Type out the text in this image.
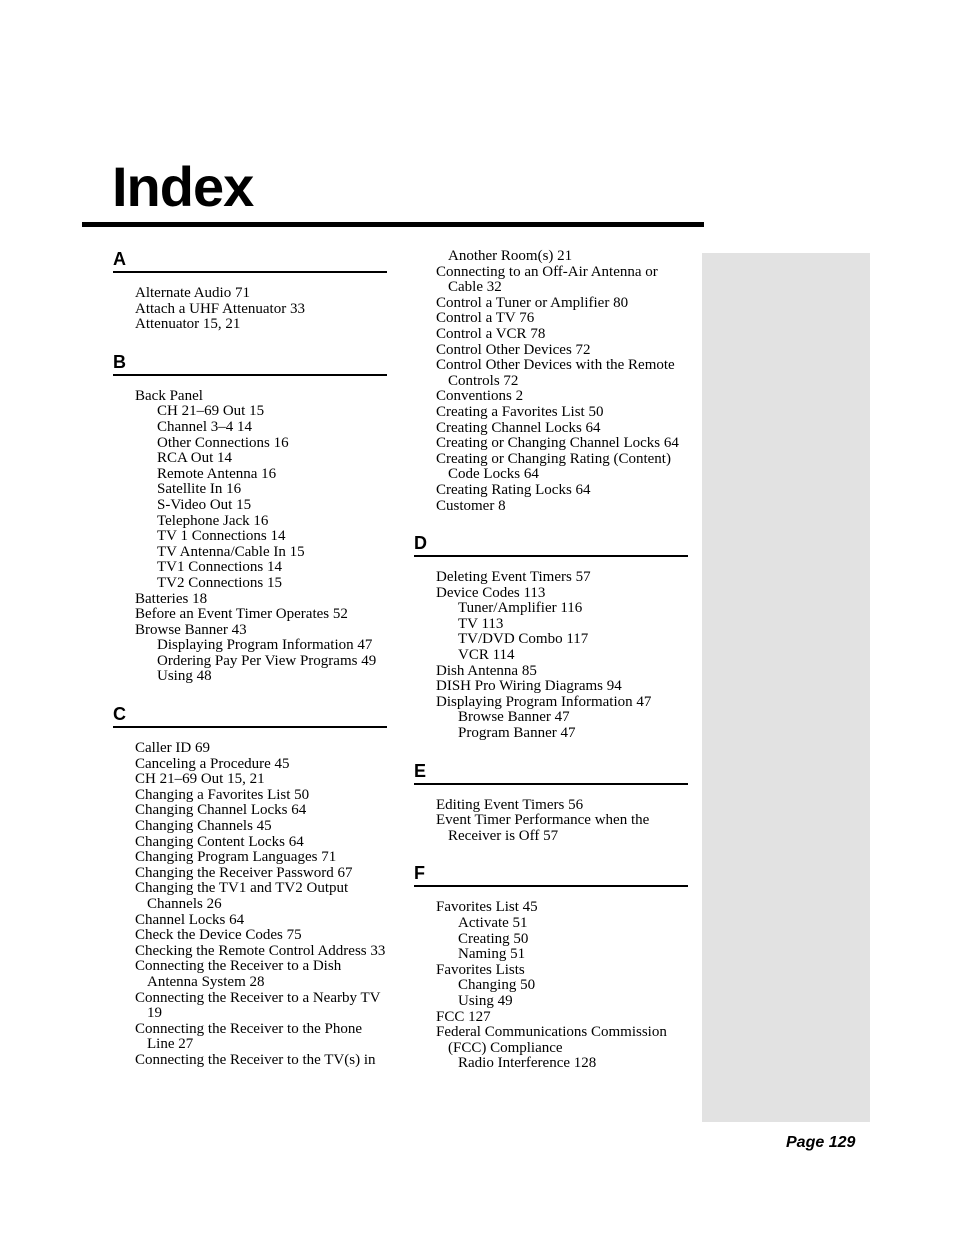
Index
A
Alternate Audio 71
Attach a UHF Attenuator 33
Attenuator 15, 21
B
Back Panel
CH 21–69 Out 15
Channel 3–4 14
Other Connections 16
RCA Out 14
Remote Antenna 16
Satellite In 16
S-Video Out 15
Telephone Jack 16
TV 1 Connections 14
TV Antenna/Cable In 15
TV1 Connections 14
TV2 Connections 15
Batteries 18
Before an Event Timer Operates 52
Browse Banner 43
Displaying Program Information 47
Ordering Pay Per View Programs 49
Using 48
C
Caller ID 69
Canceling a Procedure 45
CH 21–69 Out 15, 21
Changing a Favorites List 50
Changing Channel Locks 64
Changing Channels 45
Changing Content Locks 64
Changing Program Languages 71
Changing the Receiver Password 67
Changing the TV1 and TV2 Output Channels 26
Channel Locks 64
Check the Device Codes 75
Checking the Remote Control Address 33
Connecting the Receiver to a Dish Antenna System 28
Connecting the Receiver to a Nearby TV 19
Connecting the Receiver to the Phone Line 27
Connecting the Receiver to the TV(s) in
Another Room(s) 21
Connecting to an Off-Air Antenna or Cable 32
Control a Tuner or Amplifier 80
Control a TV 76
Control a VCR 78
Control Other Devices 72
Control Other Devices with the Remote Controls 72
Conventions 2
Creating a Favorites List 50
Creating Channel Locks 64
Creating or Changing Channel Locks 64
Creating or Changing Rating (Content) Code Locks 64
Creating Rating Locks 64
Customer 8
D
Deleting Event Timers 57
Device Codes 113
Tuner/Amplifier 116
TV 113
TV/DVD Combo 117
VCR 114
Dish Antenna 85
DISH Pro Wiring Diagrams 94
Displaying Program Information 47
Browse Banner 47
Program Banner 47
E
Editing Event Timers 56
Event Timer Performance when the Receiver is Off 57
F
Favorites List 45
Activate 51
Creating 50
Naming 51
Favorites Lists
Changing 50
Using 49
FCC 127
Federal Communications Commission (FCC) Compliance
Radio Interference 128
Page 129
